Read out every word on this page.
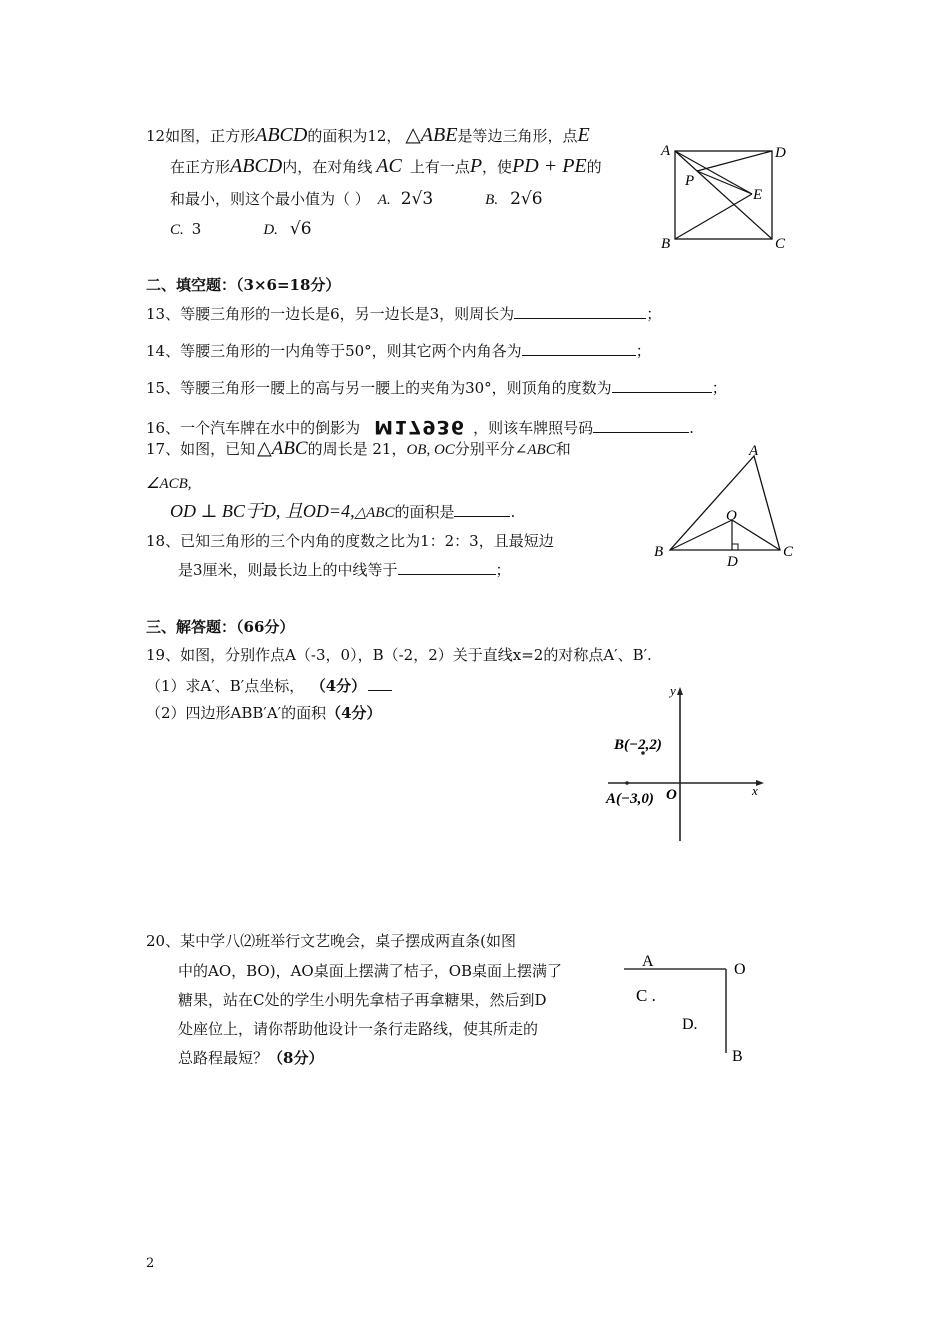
12如图，正方形ABCD的面积为12， △ABE是等边三角形，点E
在正方形ABCD内，在对角线 AC 上有一点P，使PD + PE的
和最小，则这个最小值为（ ） A. 2√3	B. 2√6
C. 3	D. √6
A	D
B	C
P
E
二、填空题：（3×6=18分）
13、等腰三角形的一边长是6，另一边长是3，则周长为	；
14、等腰三角形的一内角等于50°，则其它两个内角各为	；
15、等腰三角形一腰上的高与另一腰上的夹角为30°，则顶角的度数为	；
16、一个汽车牌在水中的倒影为 M17936 ，则该车牌照号码	.
17、如图，已知 △ABC的周长是 21，OB, OC分别平分∠ABC和
∠ACB,
OD ⊥ BC于D, 且OD=4,△ABC的面积是	.
A
B	C
O
D
18、已知三角形的三个内角的度数之比为1：2：3，且最短边
是3厘米，则最长边上的中线等于	；
三、解答题：（66分）
19、如图，分别作点A（-3，0），B（-2，2）关于直线x=2的对称点A′、B′.
（1）求A′、B′点坐标， （4分）
（2）四边形ABB′A′的面积（4分）
y
x
B(−2,2)
A(−3,0) O
20、某中学八⑵班举行文艺晚会，桌子摆成两直条(如图
中的AO，BO)，AO桌面上摆满了桔子，OB桌面上摆满了
糖果，站在C处的学生小明先拿桔子再拿糖果，然后到D
处座位上，请你帮助他设计一条行走路线，使其所走的
总路程最短？（8分）
A	O
C .
D.
B
2
